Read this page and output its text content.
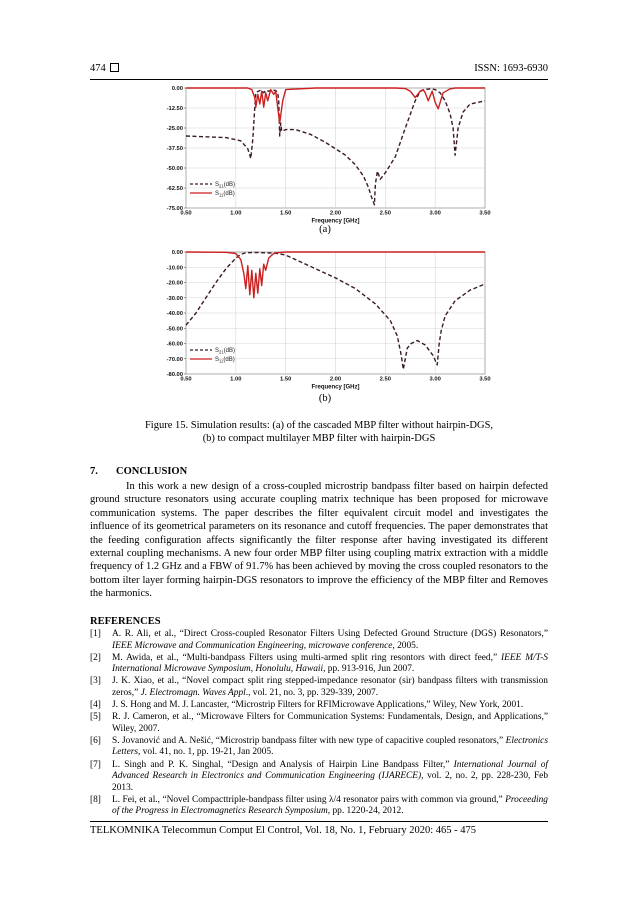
474	ISSN: 1693-6930
0.50	1.00	1.50	2.00	2.50	3.00	3.50
0.00
-12.50
-25.00
-37.50
-50.00
-62.50
-75.00
Frequency [GHz]
$S_{21}(dB)$
$S_{11}(dB)$
(a)
0.50	1.00	1.50	2.00	2.50	3.00	3.50
0.00
-10.00
-20.00
-30.00
-40.00
-50.00
-60.00
-70.00
-80.00
Frequency [GHz]
$S_{21}(dB)$
$S_{11}(dB)$
(b)
Figure 15. Simulation results: (a) of the cascaded MBP filter without hairpin-DGS,
(b) to compact multilayer MBP filter with hairpin-DGS
7. CONCLUSION
In this work a new design of a cross-coupled microstrip bandpass filter based on hairpin defected ground structure resonators using accurate coupling matrix technique has been proposed for microwave communication systems. The paper describes the filter equivalent circuit model and investigates the influence of its geometrical parameters on its resonance and cutoff frequencies. The paper demonstrates that the feeding configuration affects significantly the filter response after having investigated its different external coupling mechanisms. A new four order MBP filter using coupling matrix extraction with a middle frequency of 1.2 GHz and a FBW of 91.7% has been achieved by moving the cross coupled resonators to the bottom ilter layer forming hairpin-DGS resonators to improve the efficiency of the MBP filter and Removes the harmonics.
REFERENCES
[1]	A. R. Ali, et al., “Direct Cross-coupled Resonator Filters Using Defected Ground Structure (DGS) Resonators,” IEEE Microwave and Communication Engineering, microwave conference, 2005.
[2]	M. Awida, et al., “Multi-bandpass Filters using multi-armed split ring resontors with direct feed,” IEEE M/T-S International Microwave Symposium, Honolulu, Hawaii, pp. 913-916, Jun 2007.
[3]	J. K. Xiao, et al., “Novel compact split ring stepped-impedance resonator (sir) bandpass filters with transmission zeros,” J. Electromagn. Waves Appl., vol. 21, no. 3, pp. 329-339, 2007.
[4]	J. S. Hong and M. J. Lancaster, “Microstrip Filters for RFIMicrowave Applications,” Wiley, New York, 2001.
[5]	R. J. Cameron, et al., “Microwave Filters for Communication Systems: Fundamentals, Design, and Applications,” Wiley, 2007.
[6]	S. Jovanović and A. Nešić, “Microstrip bandpass filter with new type of capacitive coupled resonators,” Electronics Letters, vol. 41, no. 1, pp. 19-21, Jan 2005.
[7]	L. Singh and P. K. Singhal, “Design and Analysis of Hairpin Line Bandpass Filter,” International Journal of Advanced Research in Electronics and Communication Engineering (IJARECE), vol. 2, no. 2, pp. 228-230, Feb 2013.
[8]	L. Fei, et al., “Novel Compacttriple-bandpass filter using λ/4 resonator pairs with common via ground,” Proceeding of the Progress in Electromagnetics Research Symposium, pp. 1220-24, 2012.
TELKOMNIKA Telecommun Comput El Control, Vol. 18, No. 1, February 2020: 465 - 475
